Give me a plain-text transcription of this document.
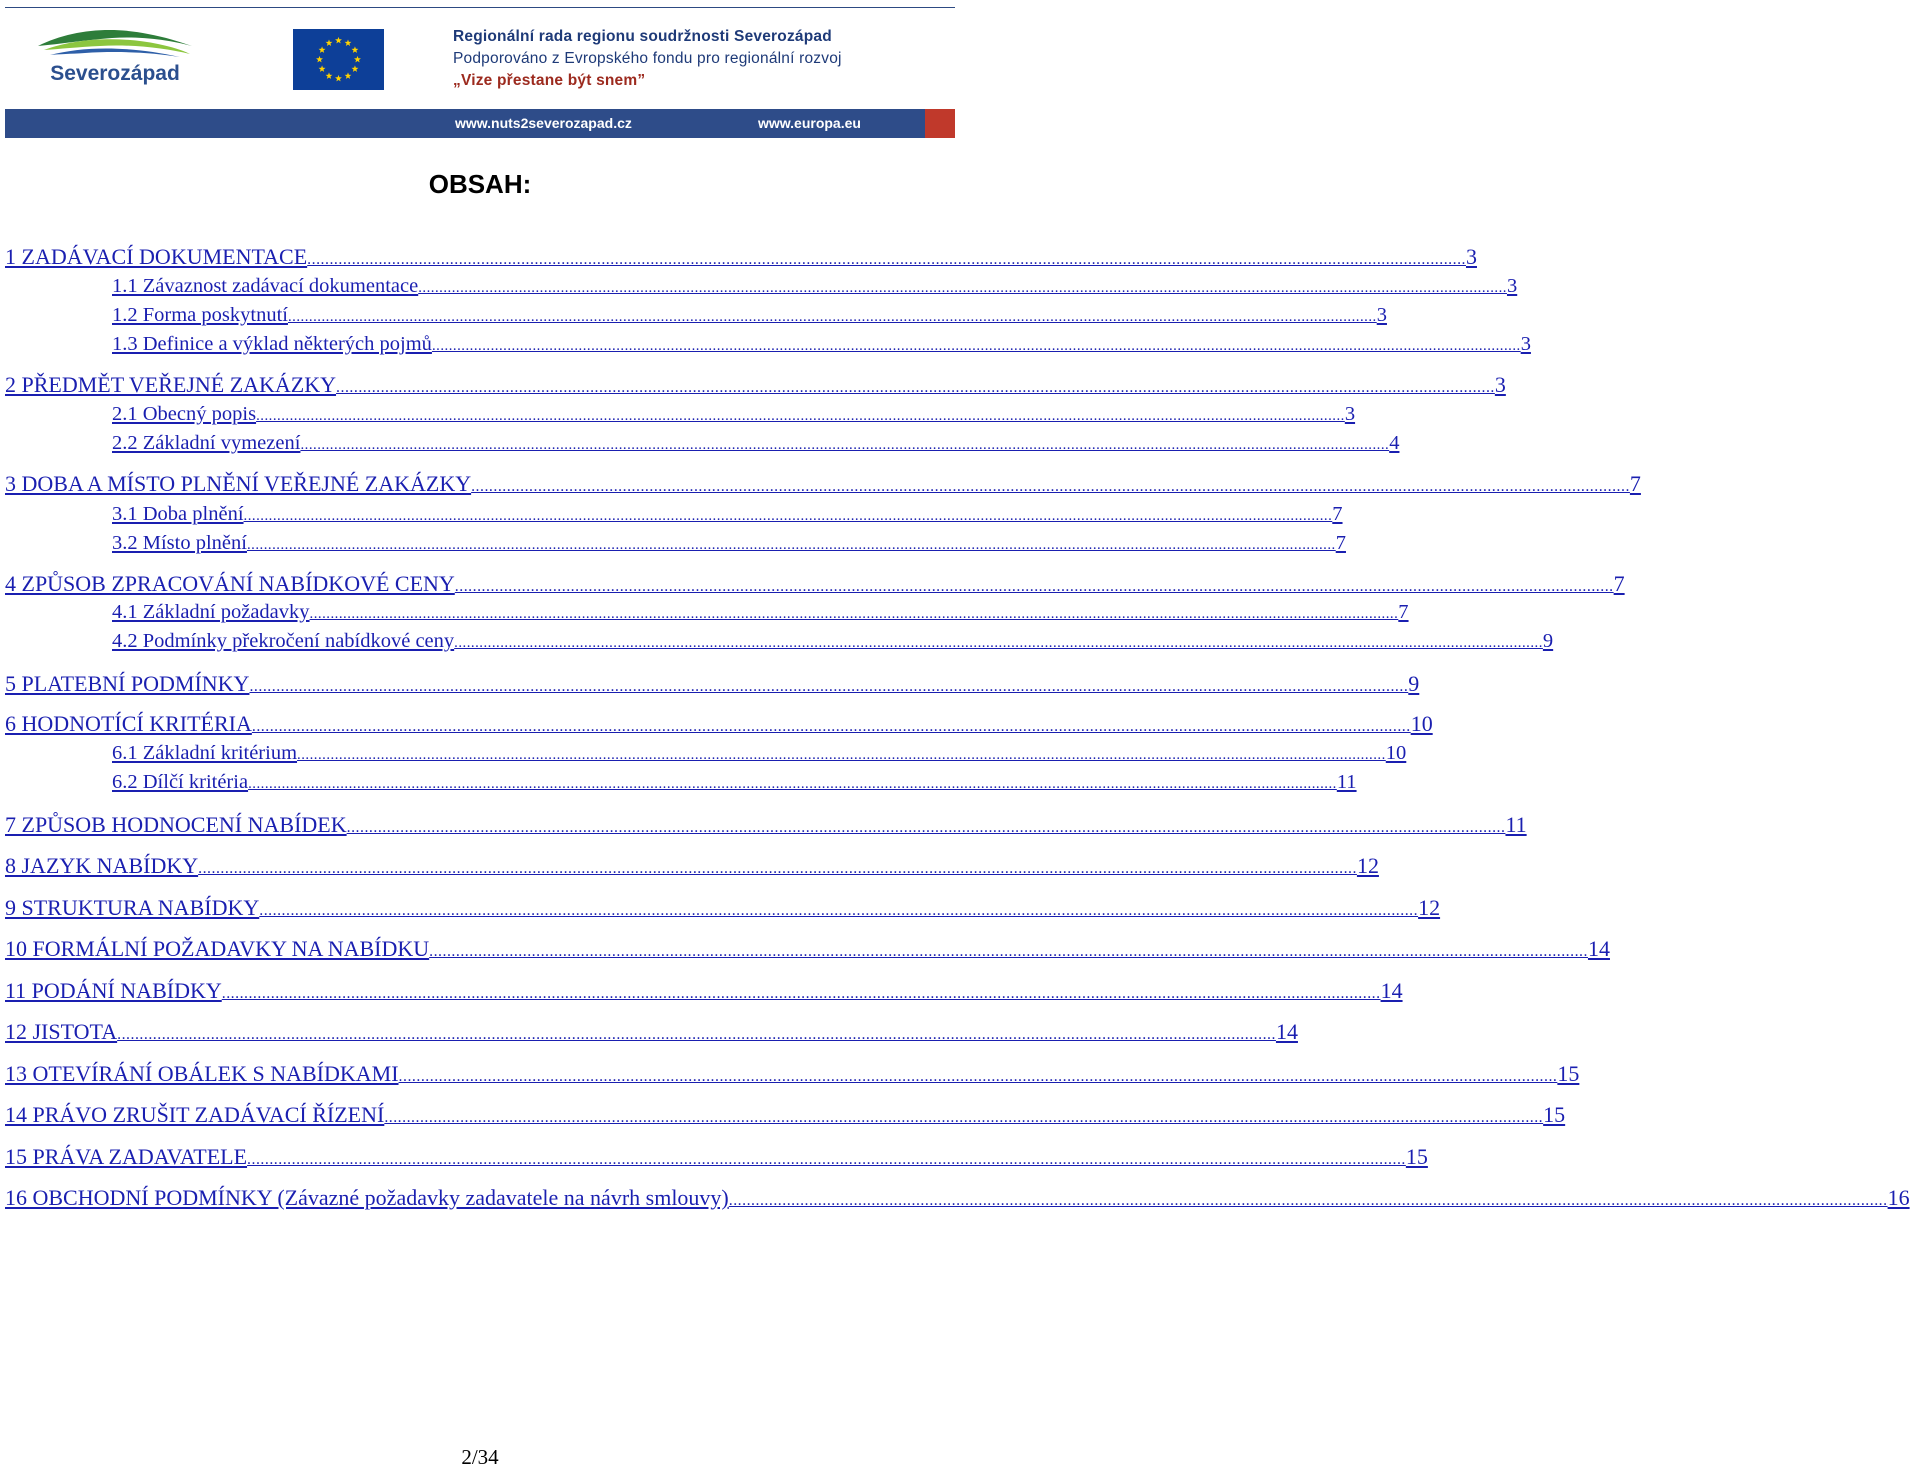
Severozápad
Regionální rada regionu soudržnosti Severozápad
Podporováno z Evropského fondu pro regionální rozvoj
„Vize přestane být snem”
www.nuts2severozapad.cz	www.europa.eu
OBSAH:
1 ZADÁVACÍ DOKUMENTACE .................................................................................................................................................................................................................................................................... 3
1.1 Závaznost zadávací dokumentace .................................................................................................................................................................................................................................................................... 3
1.2 Forma poskytnutí .................................................................................................................................................................................................................................................................... 3
1.3 Definice a výklad některých pojmů .................................................................................................................................................................................................................................................................... 3
2 PŘEDMĚT VEŘEJNÉ ZAKÁZKY .................................................................................................................................................................................................................................................................... 3
2.1 Obecný popis .................................................................................................................................................................................................................................................................... 3
2.2 Základní vymezení .................................................................................................................................................................................................................................................................... 4
3 DOBA A MÍSTO PLNĚNÍ VEŘEJNÉ ZAKÁZKY .................................................................................................................................................................................................................................................................... 7
3.1 Doba plnění .................................................................................................................................................................................................................................................................... 7
3.2 Místo plnění .................................................................................................................................................................................................................................................................... 7
4 ZPŮSOB ZPRACOVÁNÍ NABÍDKOVÉ CENY .................................................................................................................................................................................................................................................................... 7
4.1 Základní požadavky .................................................................................................................................................................................................................................................................... 7
4.2 Podmínky překročení nabídkové ceny .................................................................................................................................................................................................................................................................... 9
5 PLATEBNÍ PODMÍNKY .................................................................................................................................................................................................................................................................... 9
6 HODNOTÍCÍ KRITÉRIA .................................................................................................................................................................................................................................................................... 10
6.1 Základní kritérium .................................................................................................................................................................................................................................................................... 10
6.2 Dílčí kritéria .................................................................................................................................................................................................................................................................... 11
7 ZPŮSOB HODNOCENÍ NABÍDEK .................................................................................................................................................................................................................................................................... 11
8 JAZYK NABÍDKY .................................................................................................................................................................................................................................................................... 12
9 STRUKTURA NABÍDKY .................................................................................................................................................................................................................................................................... 12
10 FORMÁLNÍ POŽADAVKY NA NABÍDKU .................................................................................................................................................................................................................................................................... 14
11 PODÁNÍ NABÍDKY .................................................................................................................................................................................................................................................................... 14
12 JISTOTA .................................................................................................................................................................................................................................................................... 14
13 OTEVÍRÁNÍ OBÁLEK S NABÍDKAMI .................................................................................................................................................................................................................................................................... 15
14 PRÁVO ZRUŠIT ZADÁVACÍ ŘÍZENÍ .................................................................................................................................................................................................................................................................... 15
15 PRÁVA ZADAVATELE .................................................................................................................................................................................................................................................................... 15
16 OBCHODNÍ PODMÍNKY (Závazné požadavky zadavatele na návrh smlouvy) .................................................................................................................................................................................................................................................................... 16
2/34
